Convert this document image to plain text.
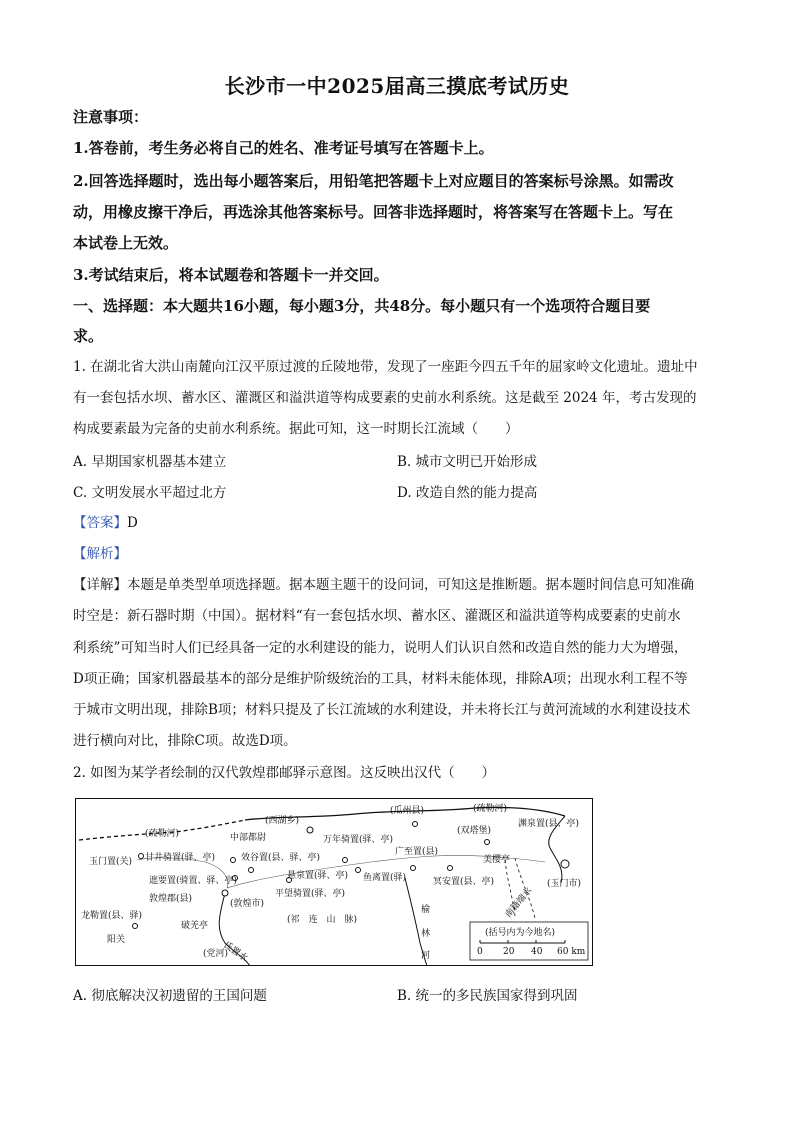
长沙市一中2025届高三摸底考试历史
注意事项：
1.答卷前，考生务必将自己的姓名、准考证号填写在答题卡上。
2.回答选择题时，选出每小题答案后，用铅笔把答题卡上对应题目的答案标号涂黑。如需改
动，用橡皮擦干净后，再选涂其他答案标号。回答非选择题时，将答案写在答题卡上。写在
本试卷上无效。
3.考试结束后，将本试题卷和答题卡一并交回。
一、选择题：本大题共16小题，每小题3分，共48分。每小题只有一个选项符合题目要
求。
1. 在湖北省大洪山南麓向江汉平原过渡的丘陵地带，发现了一座距今四五千年的屈家岭文化遗址。遗址中
有一套包括水坝、蓄水区、灌溉区和溢洪道等构成要素的史前水利系统。这是截至 2024 年，考古发现的
构成要素最为完备的史前水利系统。据此可知，这一时期长江流域（　　）
A. 早期国家机器基本建立	B. 城市文明已开始形成
C. 文明发展水平超过北方	D. 改造自然的能力提高
【答案】D
【解析】
【详解】本题是单类型单项选择题。据本题主题干的设问词，可知这是推断题。据本题时间信息可知准确
时空是：新石器时期（中国）。据材料“有一套包括水坝、蓄水区、灌溉区和溢洪道等构成要素的史前水
利系统”可知当时人们已经具备一定的水利建设的能力，说明人们认识自然和改造自然的能力大为增强，
D项正确；国家机器最基本的部分是维护阶级统治的工具，材料未能体现，排除A项；出现水利工程不等
于城市文明出现，排除B项；材料只提及了长江流域的水利建设，并未将长江与黄河流域的水利建设技术
进行横向对比，排除C项。故选D项。
2. 如图为某学者绘制的汉代敦煌郡邮驿示意图。这反映出汉代（　　）
(疏勒河)
(西湖乡)
(瓜州县)	(疏勒河)
中部都尉	万年骑置(驿、亭)
(双塔堡)
渊泉置(县、亭)
玉门置(关) 甘井骑置(驿、亭)	效谷置(县、驿、亭)
广至置(县)
美樱亭
遮要置(骑置、驿、亭)	悬泉置(驿、亭) 鱼离置(驿)	冥安置(县、亭)	(玉门市)
敦煌郡(县)	(敦煌市)
平望骑置(驿、亭)
(祁　连　山　脉)
榆
林
河
龙勒置(县、驿)
破羌亭
阳关
氐置水
(党河)
南籍端水
(括号内为今地名)
0 20 40 60 km
A. 彻底解决汉初遗留的王国问题	B. 统一的多民族国家得到巩固
